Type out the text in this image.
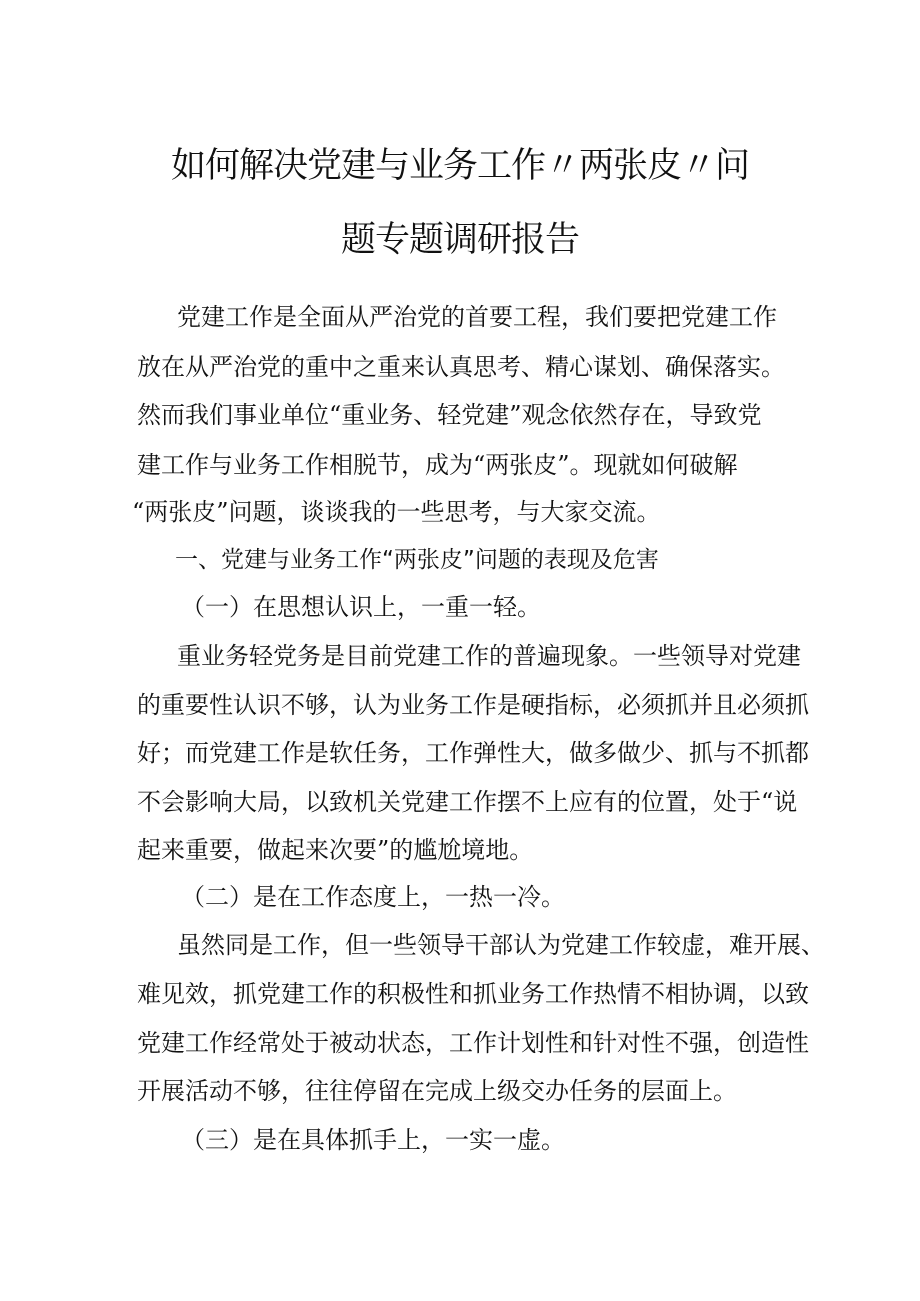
如何解决党建与业务工作〃两张皮〃问
题专题调研报告
党建工作是全面从严治党的首要工程，我们要把党建工作
放在从严治党的重中之重来认真思考、精心谋划、确保落实。
然而我们事业单位“重业务、轻党建”观念依然存在，导致党
建工作与业务工作相脱节，成为“两张皮”。现就如何破解
“两张皮”问题，谈谈我的一些思考，与大家交流。
一、党建与业务工作“两张皮”问题的表现及危害
（一）在思想认识上，一重一轻。
重业务轻党务是目前党建工作的普遍现象。一些领导对党建
的重要性认识不够，认为业务工作是硬指标，必须抓并且必须抓
好；而党建工作是软任务，工作弹性大，做多做少、抓与不抓都
不会影响大局，以致机关党建工作摆不上应有的位置，处于“说
起来重要，做起来次要”的尴尬境地。
（二）是在工作态度上，一热一冷。
虽然同是工作，但一些领导干部认为党建工作较虚，难开展、
难见效，抓党建工作的积极性和抓业务工作热情不相协调，以致
党建工作经常处于被动状态，工作计划性和针对性不强，创造性
开展活动不够，往往停留在完成上级交办任务的层面上。
（三）是在具体抓手上，一实一虚。
